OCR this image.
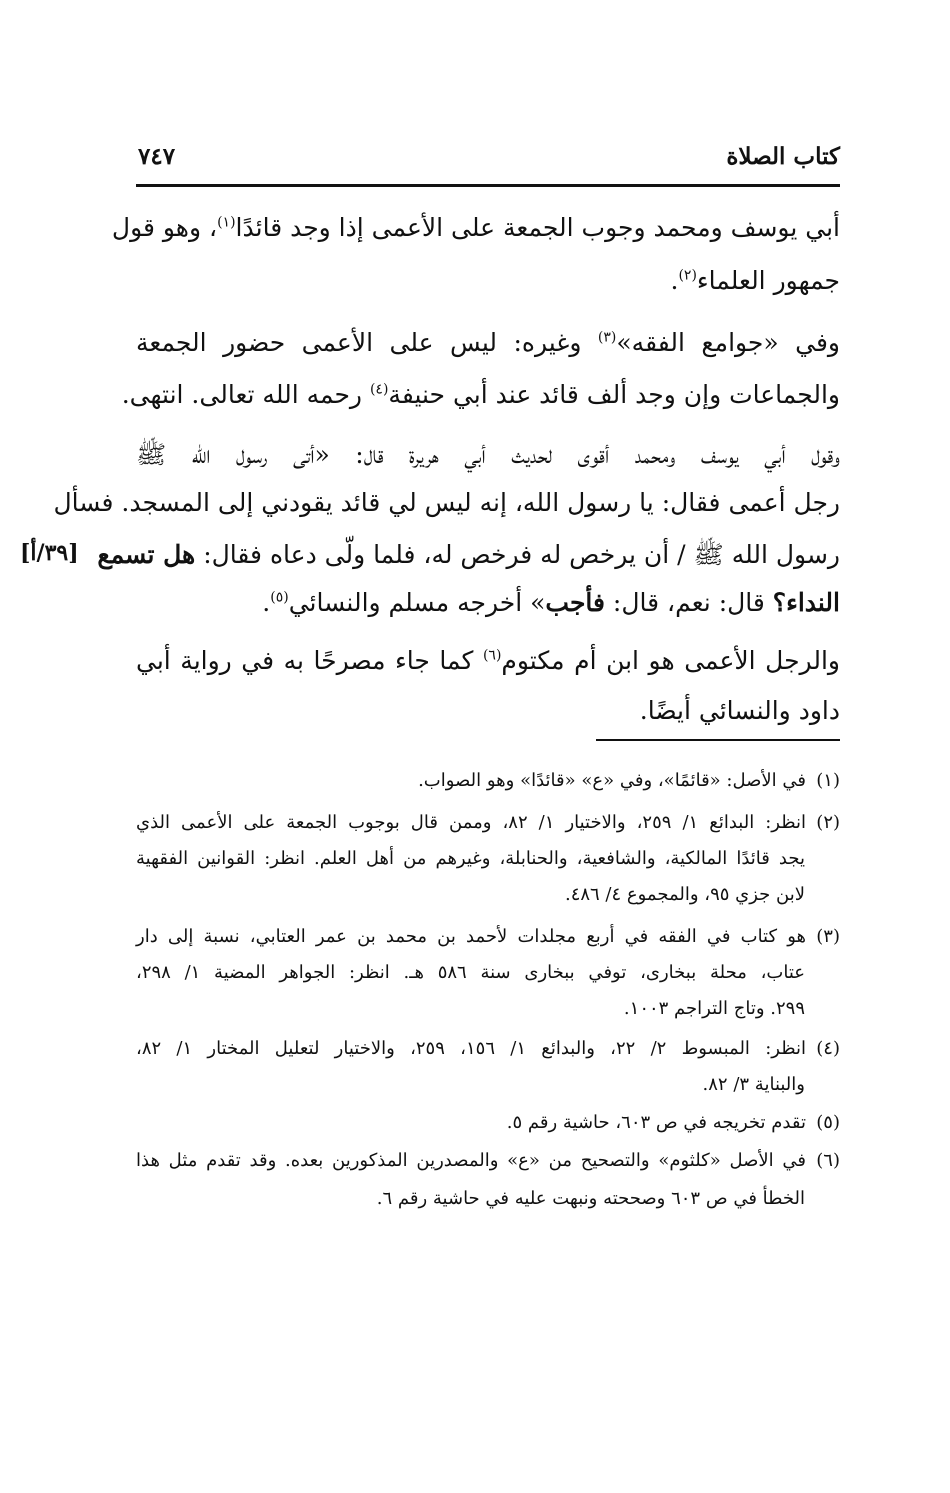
كتاب الصلاة
٧٤٧
أبي يوسف ومحمد وجوب الجمعة على الأعمى إذا وجد قائدًا$^{(١)}$، وهو قول
جمهور العلماء$^{(٢)}$.
وفي «جوامع الفقه»$^{(٣)}$ وغيره: ليس على الأعمى حضور الجمعة
والجماعات وإن وجد ألف قائد عند أبي حنيفة$^{(٤)}$ رحمه الله تعالى. انتهى.
وقول أبي يوسف ومحمد أقوى لحديث أبي هريرة قال: «أتى رسول الله ﷺ
رجل أعمى فقال: يا رسول الله، إنه ليس لي قائد يقودني إلى المسجد. فسأل
رسول الله ﷺ / أن يرخص له فرخص له، فلما ولّى دعاه فقال: هل تسمع
[٣٩/أ]
النداء؟ قال: نعم، قال: فأجب» أخرجه مسلم والنسائي$^{(٥)}$.
والرجل الأعمى هو ابن أم مكتوم$^{(٦)}$ كما جاء مصرحًا به في رواية أبي
داود والنسائي أيضًا.
(١)في الأصل: «قائمًا»، وفي «ع» «قائدًا» وهو الصواب.
(٢)انظر: البدائع ١/ ٢٥٩، والاختيار ١/ ٨٢، وممن قال بوجوب الجمعة على الأعمى الذي
يجد قائدًا المالكية، والشافعية، والحنابلة، وغيرهم من أهل العلم. انظر: القوانين الفقهية
لابن جزي ٩٥، والمجموع ٤/ ٤٨٦.
(٣)هو كتاب في الفقه في أربع مجلدات لأحمد بن محمد بن عمر العتابي، نسبة إلى دار
عتاب، محلة ببخارى، توفي ببخارى سنة ٥٨٦ هـ. انظر: الجواهر المضية ١/ ٢٩٨،
٢٩٩. وتاج التراجم ١٠٠٣.
(٤)انظر: المبسوط ٢/ ٢٢، والبدائع ١/ ١٥٦، ٢٥٩، والاختيار لتعليل المختار ١/ ٨٢،
والبناية ٣/ ٨٢.
(٥)تقدم تخريجه في ص ٦٠٣، حاشية رقم ٥.
(٦)في الأصل «كلثوم» والتصحيح من «ع» والمصدرين المذكورين بعده. وقد تقدم مثل هذا
الخطأ في ص ٦٠٣ وصححته ونبهت عليه في حاشية رقم ٦.
